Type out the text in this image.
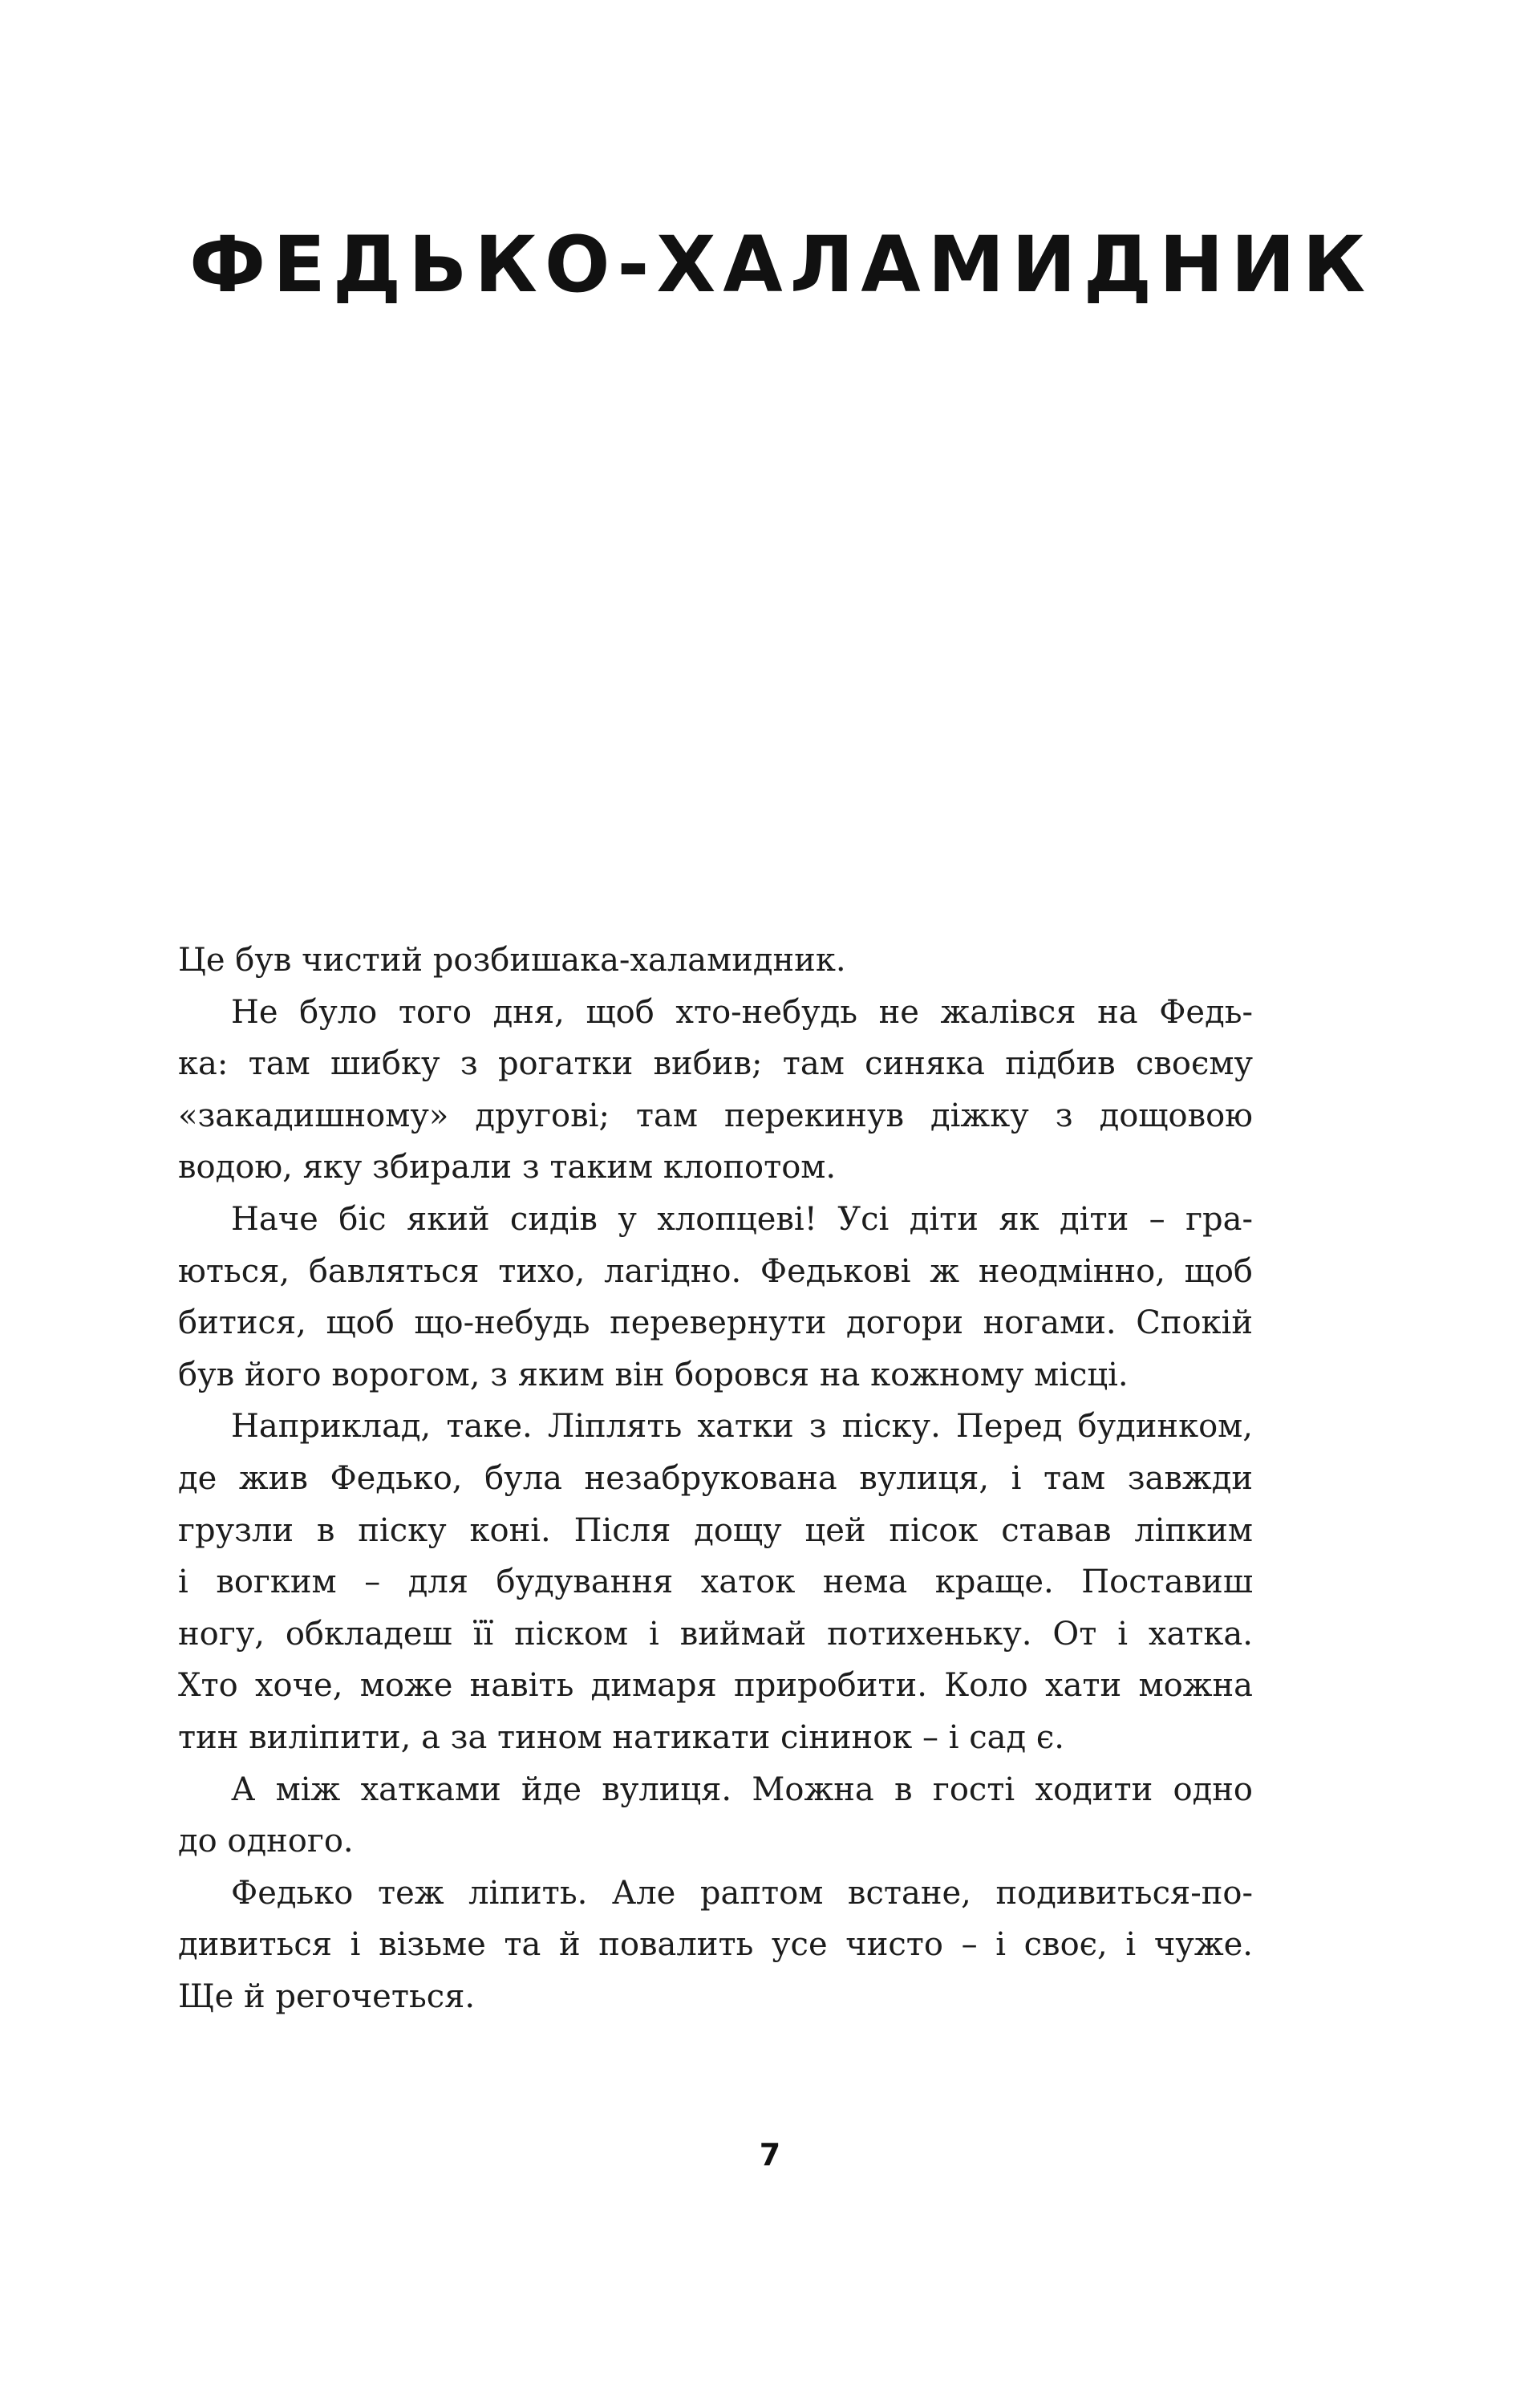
ФЕДЬКО-ХАЛАМИДНИК
Це був чистий розбишака-халамидник.
Не було того дня, щоб хто-небудь не жалівся на Федь-
ка: там шибку з рогатки вибив; там синяка підбив своєму
«закадишному» другові; там перекинув діжку з дощовою
водою, яку збирали з таким клопотом.
Наче біс який сидів у хлопцеві! Усі діти як діти – гра-
ються, бавляться тихо, лагідно. Федькові ж неодмінно, щоб
битися, щоб що-небудь перевернути догори ногами. Спокій
був його ворогом, з яким він боровся на кожному місці.
Наприклад, таке. Ліплять хатки з піску. Перед будинком,
де жив Федько, була незабрукована вулиця, і там завжди
грузли в піску коні. Після дощу цей пісок ставав ліпким
і вогким – для будування хаток нема краще. Поставиш
ногу, обкладеш її піском і виймай потихеньку. От і хатка.
Хто хоче, може навіть димаря приробити. Коло хати можна
тин виліпити, а за тином натикати сінинок – і сад є.
А між хатками йде вулиця. Можна в гості ходити одно
до одного.
Федько теж ліпить. Але раптом встане, подивиться-по-
дивиться і візьме та й повалить усе чисто – і своє, і чуже.
Ще й регочеться.
7
